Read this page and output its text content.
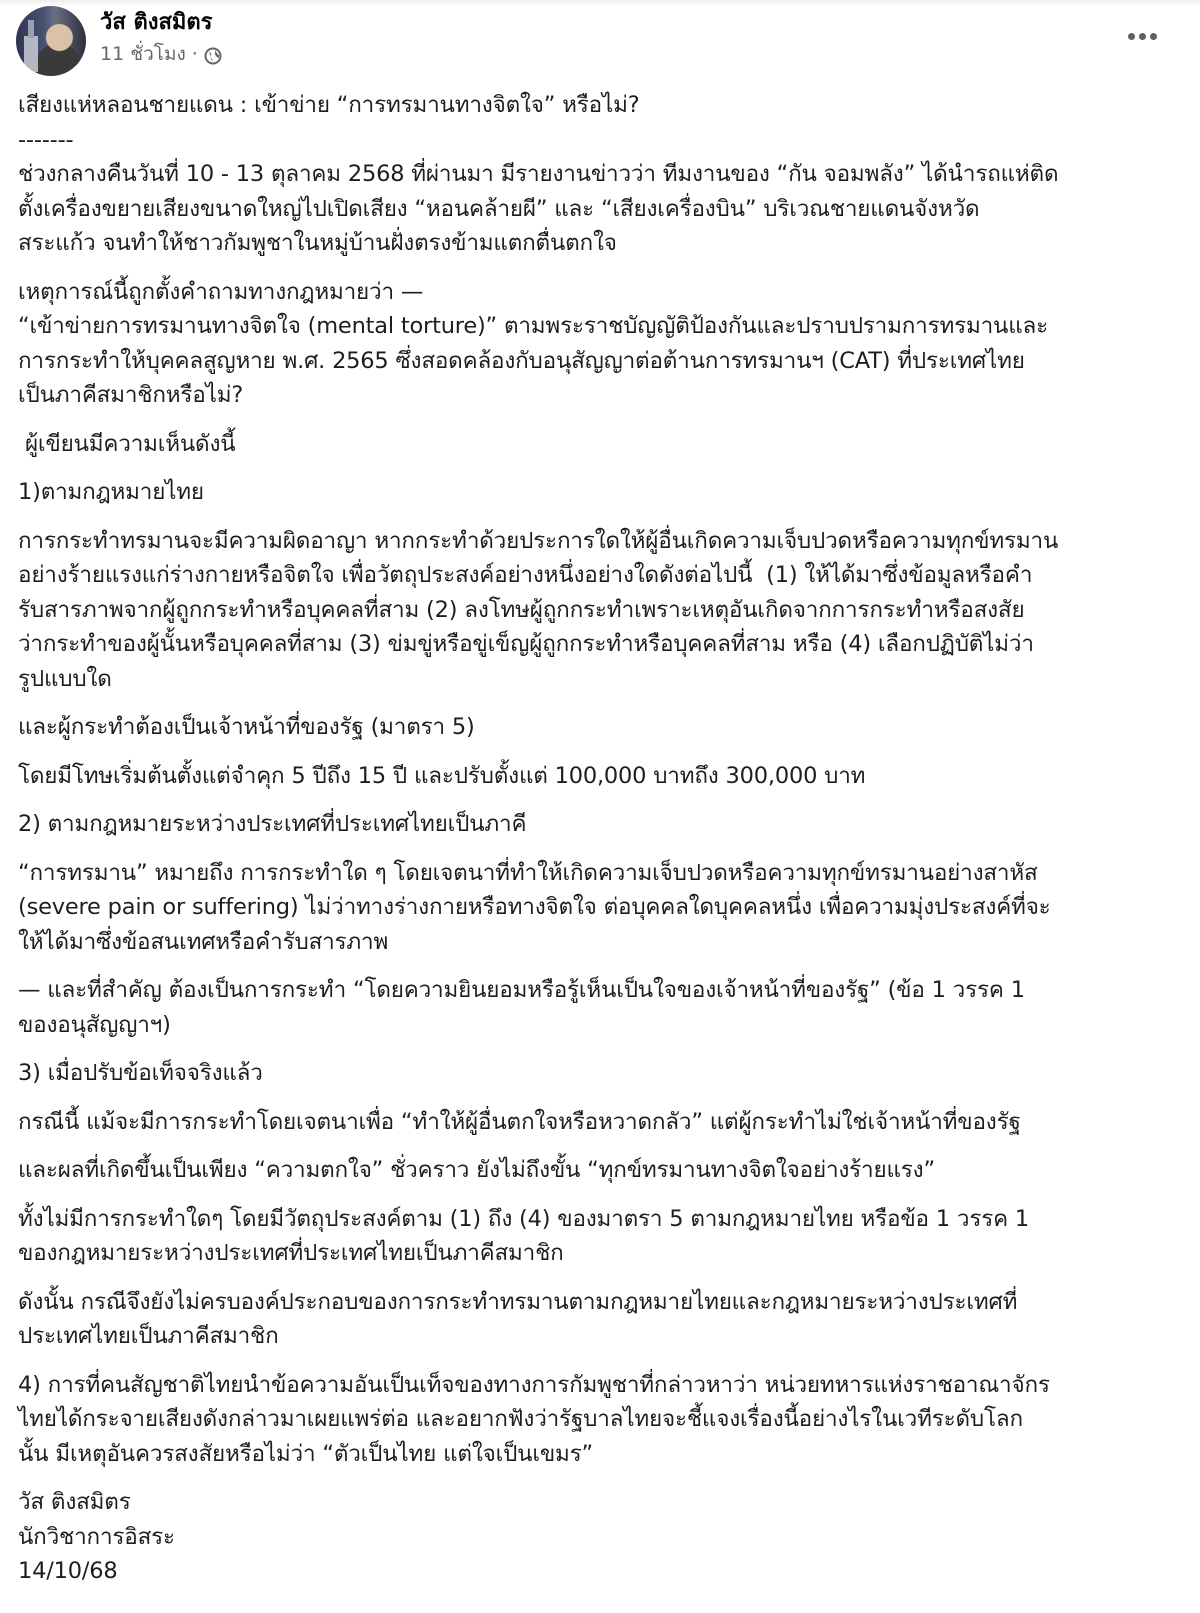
วัส ติงสมิตร
11 ชั่วโมง ·

เสียงแห่หลอนชายแดน : เข้าข่าย “การทรมานทางจิตใจ” หรือไม่?

-------

ช่วงกลางคืนวันที่ 10 - 13 ตุลาคม 2568 ที่ผ่านมา มีรายงานข่าวว่า ทีมงานของ “กัน จอมพลัง” ได้นำรถแห่ติด
ตั้งเครื่องขยายเสียงขนาดใหญ่ไปเปิดเสียง “หอนคล้ายผี” และ “เสียงเครื่องบิน” บริเวณชายแดนจังหวัด
สระแก้ว จนทำให้ชาวกัมพูชาในหมู่บ้านฝั่งตรงข้ามแตกตื่นตกใจ

เหตุการณ์นี้ถูกตั้งคำถามทางกฎหมายว่า —
“เข้าข่ายการทรมานทางจิตใจ (mental torture)” ตามพระราชบัญญัติป้องกันและปราบปรามการทรมานและ
การกระทำให้บุคคลสูญหาย พ.ศ. 2565 ซึ่งสอดคล้องกับอนุสัญญาต่อต้านการทรมานฯ (CAT) ที่ประเทศไทย
เป็นภาคีสมาชิกหรือไม่?

ผู้เขียนมีความเห็นดังนี้

1)ตามกฎหมายไทย

การกระทำทรมานจะมีความผิดอาญา หากกระทำด้วยประการใดให้ผู้อื่นเกิดความเจ็บปวดหรือความทุกข์ทรมาน
อย่างร้ายแรงแก่ร่างกายหรือจิตใจ เพื่อวัตถุประสงค์อย่างหนึ่งอย่างใดดังต่อไปนี้  (1) ให้ได้มาซึ่งข้อมูลหรือคำ
รับสารภาพจากผู้ถูกกระทำหรือบุคคลที่สาม (2) ลงโทษผู้ถูกกระทำเพราะเหตุอันเกิดจากการกระทำหรือสงสัย
ว่ากระทำของผู้นั้นหรือบุคคลที่สาม (3) ข่มขู่หรือขู่เข็ญผู้ถูกกระทำหรือบุคคลที่สาม หรือ (4) เลือกปฏิบัติไม่ว่า
รูปแบบใด

และผู้กระทำต้องเป็นเจ้าหน้าที่ของรัฐ (มาตรา 5)

โดยมีโทษเริ่มต้นตั้งแต่จำคุก 5 ปีถึง 15 ปี และปรับตั้งแต่ 100,000 บาทถึง 300,000 บาท

2) ตามกฎหมายระหว่างประเทศที่ประเทศไทยเป็นภาคี

“การทรมาน” หมายถึง การกระทำใด ๆ โดยเจตนาที่ทำให้เกิดความเจ็บปวดหรือความทุกข์ทรมานอย่างสาหัส
(severe pain or suffering) ไม่ว่าทางร่างกายหรือทางจิตใจ ต่อบุคคลใดบุคคลหนึ่ง เพื่อความมุ่งประสงค์ที่จะ
ให้ได้มาซึ่งข้อสนเทศหรือคำรับสารภาพ

— และที่สำคัญ ต้องเป็นการกระทำ “โดยความยินยอมหรือรู้เห็นเป็นใจของเจ้าหน้าที่ของรัฐ” (ข้อ 1 วรรค 1
ของอนุสัญญาฯ)

3) เมื่อปรับข้อเท็จจริงแล้ว

กรณีนี้ แม้จะมีการกระทำโดยเจตนาเพื่อ “ทำให้ผู้อื่นตกใจหรือหวาดกลัว” แต่ผู้กระทำไม่ใช่เจ้าหน้าที่ของรัฐ

และผลที่เกิดขึ้นเป็นเพียง “ความตกใจ” ชั่วคราว ยังไม่ถึงขั้น “ทุกข์ทรมานทางจิตใจอย่างร้ายแรง”

ทั้งไม่มีการกระทำใดๆ โดยมีวัตถุประสงค์ตาม (1) ถึง (4) ของมาตรา 5 ตามกฎหมายไทย หรือข้อ 1 วรรค 1
ของกฎหมายระหว่างประเทศที่ประเทศไทยเป็นภาคีสมาชิก

ดังนั้น กรณีจึงยังไม่ครบองค์ประกอบของการกระทำทรมานตามกฎหมายไทยและกฎหมายระหว่างประเทศที่
ประเทศไทยเป็นภาคีสมาชิก

4) การที่คนสัญชาติไทยนำข้อความอันเป็นเท็จของทางการกัมพูชาที่กล่าวหาว่า หน่วยทหารแห่งราชอาณาจักร
ไทยได้กระจายเสียงดังกล่าวมาเผยแพร่ต่อ และอยากฟังว่ารัฐบาลไทยจะชี้แจงเรื่องนี้อย่างไรในเวทีระดับโลก
นั้น มีเหตุอันควรสงสัยหรือไม่ว่า “ตัวเป็นไทย แต่ใจเป็นเขมร”

วัส ติงสมิตร
นักวิชาการอิสระ
14/10/68
